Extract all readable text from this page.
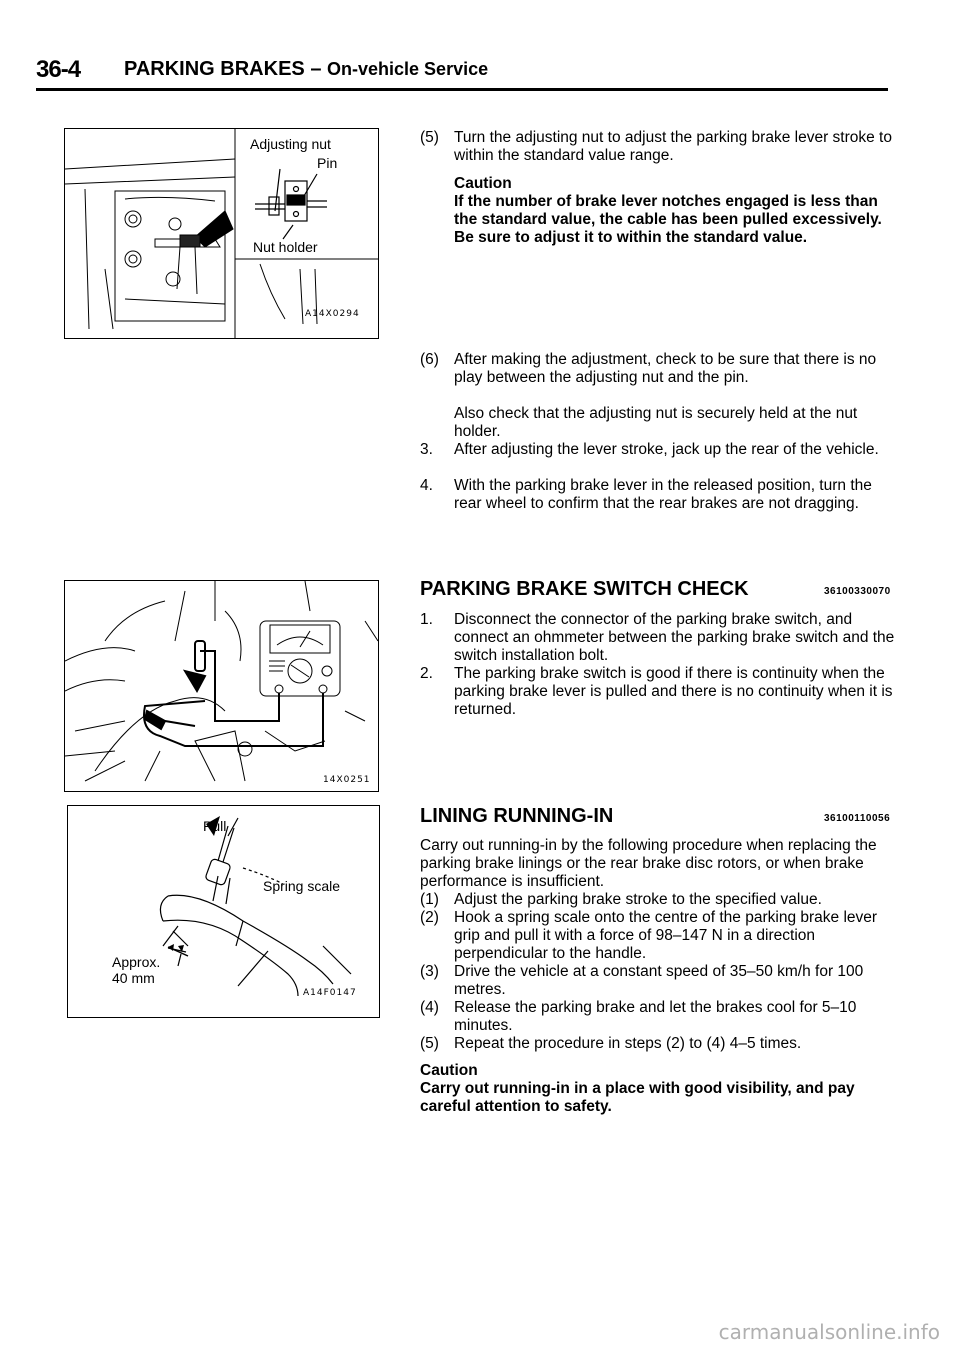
36-4 PARKING BRAKES – On-vehicle Service
Adjusting nut
Pin
Nut holder
A14X0294
14X0251
Pull
Spring scale
Approx.
40 mm
A14F0147
(5) Turn the adjusting nut to adjust the parking brake lever stroke to within the standard value range.
Caution
If the number of brake lever notches engaged is less than the standard value, the cable has been pulled excessively. Be sure to adjust it to within the standard value.
(6) After making the adjustment, check to be sure that there is no play between the adjusting nut and the pin.
Also check that the adjusting nut is securely held at the nut holder.
3. After adjusting the lever stroke, jack up the rear of the vehicle.
4. With the parking brake lever in the released position, turn the rear wheel to confirm that the rear brakes are not dragging.
PARKING BRAKE SWITCH CHECK	36100330070
1. Disconnect the connector of the parking brake switch, and connect an ohmmeter between the parking brake switch and the switch installation bolt.
2. The parking brake switch is good if there is continuity when the parking brake lever is pulled and there is no continuity when it is returned.
LINING RUNNING-IN	36100110056
Carry out running-in by the following procedure when replacing the parking brake linings or the rear brake disc rotors, or when brake performance is insufficient.
(1) Adjust the parking brake stroke to the specified value.
(2) Hook a spring scale onto the centre of the parking brake lever grip and pull it with a force of 98–147 N in a direction perpendicular to the handle.
(3) Drive the vehicle at a constant speed of 35–50 km/h for 100 metres.
(4) Release the parking brake and let the brakes cool for 5–10 minutes.
(5) Repeat the procedure in steps (2) to (4) 4–5 times.
Caution
Carry out running-in in a place with good visibility, and pay careful attention to safety.
carmanualsonline.info
